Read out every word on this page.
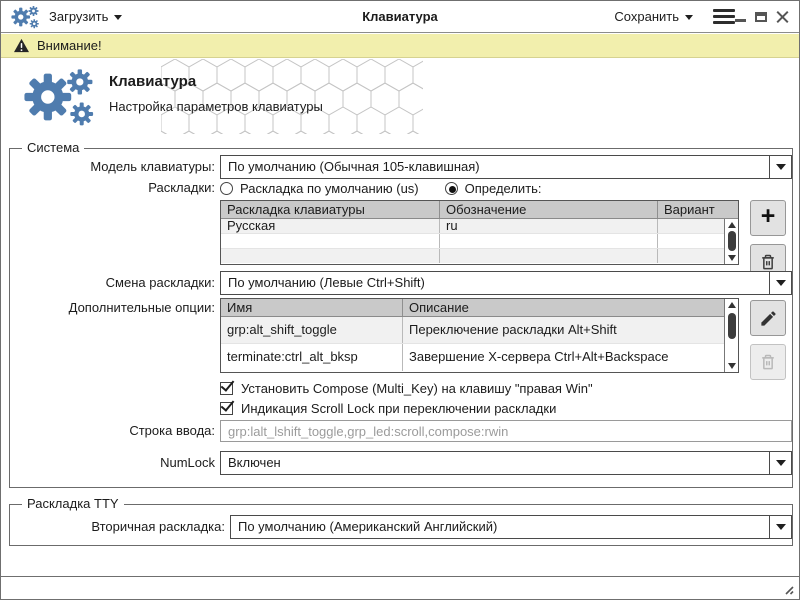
Загрузить	Клавиатура	Сохранить
Внимание!
Клавиатура
Настройка параметров клавиатуры
Система
Модель клавиатуры:	По умолчанию (Обычная 105-клавишная)
Раскладки: Раскладка по умолчанию (us)	Определить:
Раскладка клавиатуры	Обозначение	Вариант
Русская	ru	+
Смена раскладки:	По умолчанию (Левые Ctrl+Shift)
Дополнительные опции: Имя	Описание
grp:alt_shift_toggle	Переключение раскладки Alt+Shift
terminate:ctrl_alt_bksp	Завершение X-сервера Ctrl+Alt+Backspace
Установить Compose (Multi_Key) на клавишу "правая Win"
Индикация Scroll Lock при переключении раскладки
Строка ввода:
grp:lalt_lshift_toggle,grp_led:scroll,compose:rwin
NumLock	Включен
Раскладка TTY
Вторичная раскладка:	По умолчанию (Американский Английский)
